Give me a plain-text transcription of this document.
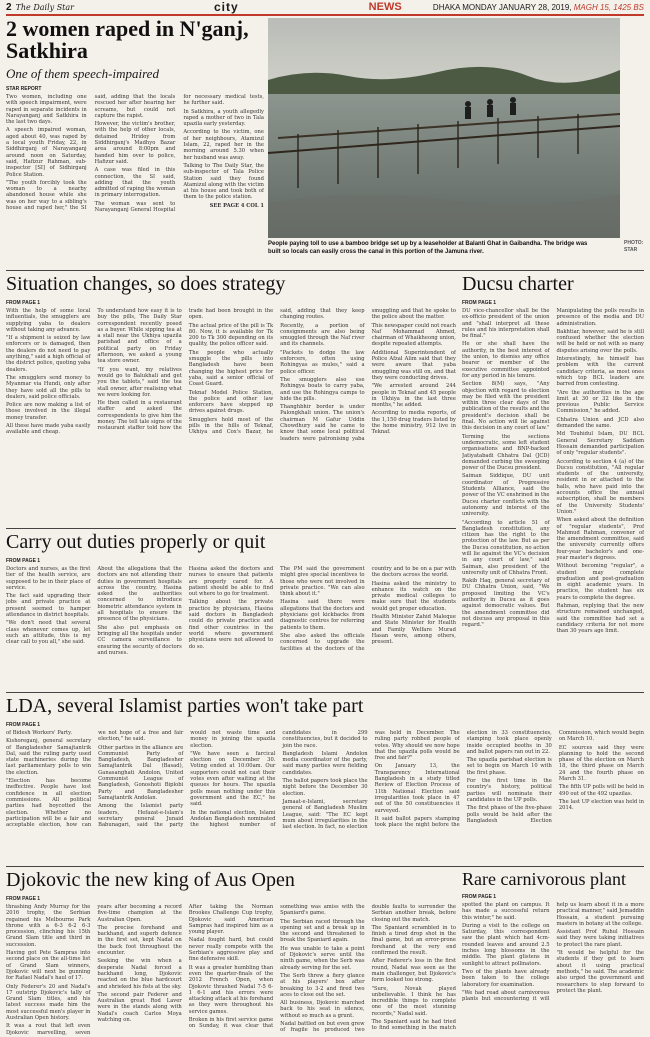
2 The Daily Star	city	NEWS	DHAKA MONDAY JANUARY 28, 2019, MAGH 15, 1425 BS
2 women raped in N'ganj, Satkhira
One of them speech-impaired
STAR REPORT

Two women, including one with speech impairment, were raped in separate incidents in Narayanganj and Satkhira in the last two days.

A speech impaired woman, aged about 40, was raped by a local youth Friday, 22, in Siddhirganj of Narayanganj around noon on Saturday, said, Hafizur Rahman, sub-inspector [SI] of Sidhirganj Police Station.

"The youth forcibly took the woman to a nearby abandoned house while she was on her way to a sibling's house and raped her," the SI said, adding that the locals rescued her after hearing her screams, but could not capture the rapist.

However, the victim's brother, with the help of other locals, detained Hridoy from Siddhirganj's Madhyo Bazar area around 8:00pm and handed him over to police, Hafizur said.

A case was filed in this connection, the SI said, adding that the youth admitted of raping the woman in primary interrogation.

The woman was sent to Narayanganj General Hospital for necessary medical tests, he further said.

In Satkhira, a youth allegedly raped a mother of two in Tala upazila early yesterday.

According to the victim, one of her neighbours, Atamizul Islam, 22, raped her in the morning around 5.30 when her husband was away.

Talking to The Daily Star, the sub-inspector of Tala Police Station said they found Atamizul along with the victim at his house and took both of them to the police station.

SEE PAGE 4 COL 1

People paying toll to use a bamboo bridge set up by a leaseholder at Balanti Ghat in Gaibandha. The bridge was built so locals can easily cross the canal in this portion of the Jamuna river.
PHOTO:
STAR
Situation changes, so does strategy
FROM PAGE 1

With the help of some local influentials, the smugglers are supplying yaba to dealers without taking any advance.

"If a shipment is seized by law enforcers or is damaged, then the dealers do not need to pay anything," said a high official of the district police, quoting yaba dealers.

The smugglers send money to Myanmar via Hundi, only after they have sold all the pills to dealers, said police officials.

Police are now making a list of those involved in the illegal money transfer.

All these have made yaba easily available and cheap.

To understand how easy it is to buy the pills, The Daily Star correspondent recently posed as a buyer. While sipping tea at a stall near the Ukhiya upazila parishad and office of a political party on Friday afternoon, we asked a young tea store owner.

"If you want, my relatives would go to Balukhali and get you the tablets," said the tea stall owner, after realising what we were looking for.

He then called in a restaurant staffer and asked the correspondents to give him the money. The tell tale signs of the restaurant staffer told how the trade had been brought in the open.

The actual price of the pill is Tk 80. Now, it is available for Tk 200 to Tk 300 depending on its quality, the police officer said.

The people who actually smuggle the pills into Bangladesh have been changing the highest price for yaba, said a senior official of Coast Guard.

Teknaf Model Police Station, the police and other law enforcers have stepped up drives against drugs.

Smugglers hold most of the pills in the hills of Teknaf, Ukhiya and Cox's Bazar, he said, adding that they keep changing routes.

Recently, a portion of consignments are also being smuggled through the Naf river and its channels.

"Packets to dodge the law enforcers, often using Rohingyas as mules," said a police officer.

The smugglers also use Rohingya boats to carry yaba, and use the Rohingya camps to hide the pills.

Thanghbhir border is under Palongkhali union. The union's chairman M Gafur Uddin Chowdhury said he came to know that some local political leaders were patronising yaba smuggling and that he spoke to the police about the matter.

This newspaper could not reach Naf Mohammad Ahmed, chairman of Whaikheong union, despite repeated attempts.

Additional Superintendent of Police Afzal Alim said that they were aware that yaba smuggling was still on, and that they were conducting drives.

"We arrested around 244 people in Teknaf and 45 people in Ukhiya in the last three months," he added.

According to media reports, of the 1,150 drug traders listed by the home ministry, 912 live in Teknaf.

Ducsu charter
FROM PAGE 1

DU vice-chancellor shall be the ex-officio president of the union and "shall interpret all these rules and his interpretation shall be final."

He or she shall have the authority, in the best interest of the union, to dismiss any office bearer or member of the executive committee appointed for any period in his tenure.

Section 8(M) says, "Any objection with regard to election may be filed with the president within three clear days of the publication of the results and the president's decision shall be final. No action will lie against this decision in any court of law."

Terming the sections undemocratic, some left student organisations and BNP-backed Jatiyatabadi Chhatra Dal (JCD) demanded curbing the sweeping power of the Ducsu president.

Saiman Siddique, DU unit coordinator of Progressive Students Alliance, said the power of the VC enshrined in the Ducsu charter conflicts with the autonomy and interest of the university.

"According to article 51 of Bangladesh constitution, any citizen has the right to the protection of the law. But as per the Ducsu constitution, no action will lie against the VC's decision in any court of law," said Saiman, also president of the university unit of Chhatra Front.

Rakib Haq, general secretary of DU Chhatra Union, said, "We proposed limiting the VC's authority in Ducsu as it goes against democratic values. But the amendment committee did not discuss any proposal in this regard."

Manipulating the polls results in presence of the media and DU administration.

Bakhtiar, however, said he is still confused whether the election will be held or not with so many disputes arising over the polls.

Interestingly, he himself has problem with the current candidacy criteria, as most ones which top BCL leaders are barred from contesting.

"Are the authorities in the age limit at 30 or 32 like in the previous Public Service Commission," he added.

Chhatra Union and JCD also demanded the same.

Md Touhidul Islam, DU BCL General Secretary Saddam Hossain demanded participation of only "regular students".

According to section 4 (a) of the Ducsu constitution, "All regular students of the university, resident in or attached to the halls, who have paid into the accounts office the annual subscription, shall be members of the University Students' Union."

When asked about the definition of "regular students", Prof Mahmud Rahman, convener of the amendment committee, said the university currently offers four-year bachelor's and one-year master's degrees.

Without becoming "regular", a student may complete graduation and post-graduation in eight academic years. In practice, the student has six years to complete the degree.

Rahman, replying that the new structure remained unchanged, said the committee had set a candidacy criteria for not more than 30 years age limit.

Carry out duties properly or quit
FROM PAGE 1

Doctors and nurses, as the first tier of the health service, are supposed to be in their place of service.

The fact said upgrading their jobs and private practice at present seemed to hamper attendance in district hospitals.

"We don't need that several class whenever comes up, let such an attitude, this is my clear call to you all," she said.

About the allegations that the doctors are not attending their duties in government hospitals across the country, Hasina asked the authorities concerned to introduce biometric attendance system in all hospitals to ensure the presence of the physicians.

She also put emphasis on bringing all the hospitals under CC camera surveillance to ensuring the security of doctors and nurses.

Hasina asked the doctors and nurses to ensure that patients are properly cared for. A patient should be able to find out where to go for treatment.

Talking about the private practice by physicians, Hasina said doctors in Bangladesh could do private practice and find other countries in the world where government physicians were not allowed to do so.

The PM said the government might give special incentives to those who were not involved in private practice. "We can also think about it."

Hasina said there were allegations that the doctors and physicians got kickbacks from diagnostic centres for referring patients to them.

She also asked the officials concerned to upgrade the facilities at the doctors of the country and to be on a par with the doctors across the world.

Hasina asked the ministry to enhance its watch on the private medical colleges to make sure that the students would get proper education.

Health Minister Zahid Maleque and State Minister for Health and Family Welfare Murad Hasan were, among others, present.

LDA, several Islamist parties won't take part
FROM PAGE 1

of Bidesh Workers' Party.

Kishoreganj, general secretary of Bangladesher Samajtantrik Dal, said the ruling party used state machineries during the last parliamentary polls to win the election.

"Election has become ineffective. People have lost confidence in all election commissions. All political parties had boycotted the election. Whether no participation will be a fair and acceptable election, how can we not hope of a free and fair election," he said.

Other parties in the alliance are Communist Party of Bangladesh, Bangladesher Samajtantrik Dal (Basad), Ganasanghati Andolon, United Communist League of Bangladesh, Gonoshoti Biplobi Party and Bangladesher Samajtantrik Andolan.

Among the Islamist party leaders, Hefazat-e-Islam's secretary general Junaid Babunagari, said the party would not waste time and money in joining the upazila election.

"We have seen a farcical election on December 30. Voting ended at 10:00am. Our supporters could not cast their votes even after waiting at the queues for hours. The upazila polls mean nothing under this government and the EC," he said.

In the national election, Islami Andolan Bangladesh nominated the highest number of candidates in 299 constituencies, but it decided to join the race.

Bangladesh Islami Andolon media coordinator of the party, said many parties were fielding candidates.

The ballot papers took place the night before the December 30 election.

Jamaat-e-Islami, secretary general of Bangladesh Muslim League, said: "The EC kept mum about irregularities in the last election. In fact, no election was held in December. The ruling party robbed people of votes. Why should we now hope that the upazila polls would be free and fair?"

On January 13, the Transparency International Bangladesh in a study titled Review of Election Process of 11th National Election said irregularities took place in 47 out of the 50 constituencies it surveyed.

It said ballot papers stamping took place the night before the election in 33 constituencies, stamping took place openly inside occupied booths in 30 and ballot papers ran out in 22.

The upazila parishad election is set to begin on March 10 with the first phase.

For the first time in the country's history, political parties will nominate their candidates in the UP polls.

The first phase of the five-phase polls would be held after the Bangladesh Election Commission, which would begin on March 10.

EC sources said they were planning to hold the second phase of the election on March 18, the third phase on March 24 and the fourth phase on March 31.

The fifth UP polls will be held in 490 out of the 492 upazilas.

The last UP election was held in 2014.

Djokovic the new king of Aus Open
FROM PAGE 1

thrashing Andy Murray for the 2016 trophy, the Serbian regained his Melbourne Park throne with a 6-3 6-2 6-3 procession, clinching his 15th Grand Slam title and third in succession.

Having got Pete Sampras into second place on the all-time list of Grand Slam winners, Djokovic will next be gunning for Rafael Nadal's haul of 17.

Only Federer's 20 and Nadal's 17 outstrip Djokovic's tally of Grand Slam titles, and his latest success made him the most successful men's player in Australian Open history.

It was a rout that left even Djokovic marvelling, seven years after becoming a record five-time champion at the Australian Open.

The precise forehand and backhand, and superb defence in the first set, kept Nadal on the back foot throughout the encounter.

Seeking the win when a desperate Nadal forced a backhand long, Djokovic reacted on the blue hardcourt and shrieked his fists at the sky.

The second pair Federer and Australian great Rod Laver were in the stands along with Nadal's coach Carlos Moya watching on.

After taking the Norman Brookes Challenge Cup trophy, Djokovic said American Sampras had inspired him as a young player.

Nadal fought hard, but could never really compete with the Serbian's aggressive play and fine defensive skill.

It was a greater humbling than even the quarter-finals of the 2012 French Open, when Djokovic thrashed Nadal 7-5 6-1 6-1 and his errors were attacking attack at his forehand as they were throughout his service games.

Broken in his first service game on Sunday, it was clear that something was amiss with the Spaniard's game.

The Serbian raced through the opening set and a break up in the second and threatened to break the Spaniard again.

He was unable to take a point of Djokovic's serve until the ninth game, when the Serb was already serving for the set.

The Serb threw a fiery glance at his players' box after breaking to 3-2 and fired two aces to close out the set.

All business, Djokovic marched back to his seat in silence, without so much as a grunt.

Nadal battled on but even grew of fragile he produced two double faults to surrender the Serbian another break, before closing out the match.

The Spaniard scrambled in to finish a tired drop shot in the final game, but an error-prone forehand at the very end confirmed the result.

After Federer's loss in the first round, Nadal was seen as the main challenger, but Djokovic's form looked too strong.

"Sure, Novak played unbelievable. I think he has incredible things to complete one of the most stunning records," Nadal said.

The Spaniard said he had tried to find something in the match

Rare carnivorous plant
FROM PAGE 1

spotted the plant on campus. It has made a successful return this winter," he said.

During a visit to the college on Saturday, this correspondent saw the plant which had 4cm-rounded leaves and around 2.5 inches long blossoms in the middle. The plant glistens in sunlight to attract pollinators.

Two of the plants have already been taken to the college laboratory for examination.

"We had read about carnivorous plants but encountering it will help us learn about it in a more practical manner," said Jemaddin Hossain, a student pursuing masters in botany at the college.

Assistant Prof Ruhul Hossain said they were taking initiatives to protect the rare plant.

"It would be helpful for the students if they get to learn about it using practical methods," he said. The academic also urged the government and researchers to step forward to protect the plant.
